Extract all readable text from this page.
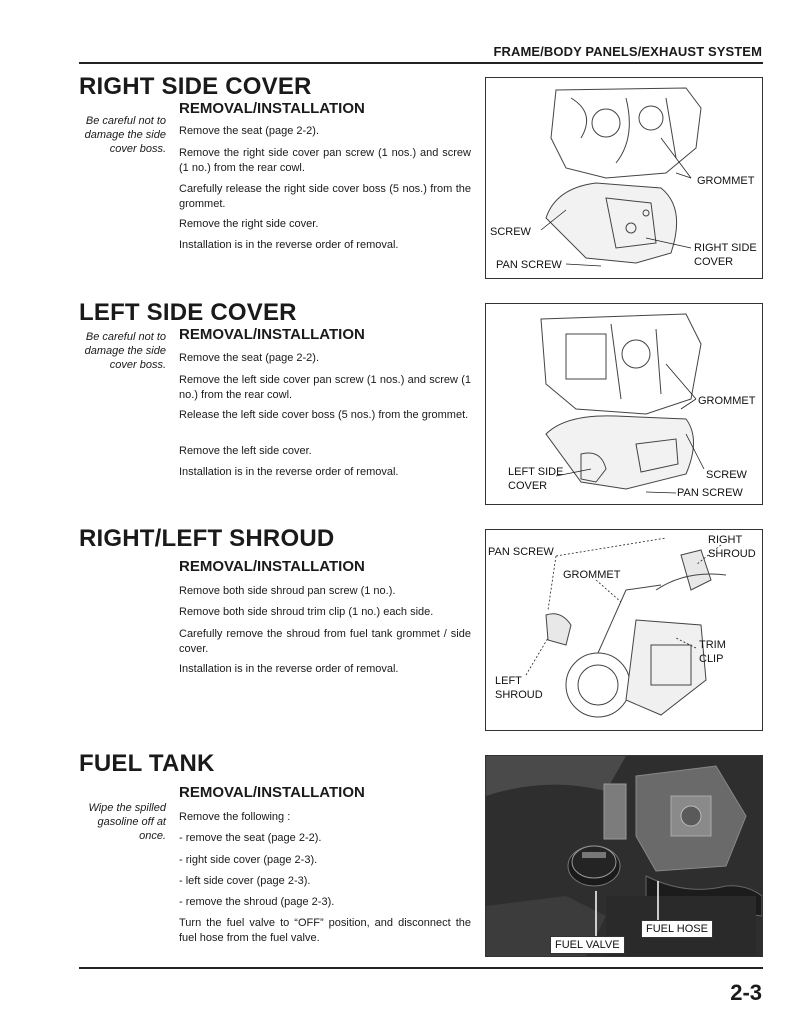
FRAME/BODY PANELS/EXHAUST SYSTEM
RIGHT SIDE COVER
Be careful not to damage the side cover boss.
REMOVAL/INSTALLATION
Remove the seat (page 2-2).
Remove the right side cover pan screw (1 nos.) and screw (1 no.) from the rear cowl.
Carefully release the right side cover boss (5 nos.) from the grommet.
Remove the right side cover.
Installation is in the reverse order of removal.
GROMMET
SCREW
RIGHT SIDE COVER
PAN SCREW
LEFT SIDE COVER
Be careful not to damage the side cover boss.
REMOVAL/INSTALLATION
Remove the seat (page 2-2).
Remove the left side cover pan screw (1 nos.) and screw (1 no.) from the rear cowl.
Release the left side cover boss (5 nos.) from the grommet.
Remove the left side cover.
Installation is in the reverse order of removal.
GROMMET
LEFT SIDE COVER
SCREW
PAN SCREW
RIGHT/LEFT SHROUD
REMOVAL/INSTALLATION
Remove both side shroud pan screw (1 no.).
Remove both side shroud trim clip (1 no.) each side.
Carefully remove the shroud from fuel tank grommet / side cover.
Installation is in the reverse order of removal.
PAN SCREW
RIGHT SHROUD
GROMMET
TRIM CLIP
LEFT SHROUD
FUEL TANK
Wipe the spilled gasoline off at once.
REMOVAL/INSTALLATION
Remove the following :
- remove the seat (page 2-2).
- right side cover (page 2-3).
- left side cover (page 2-3).
- remove the shroud (page 2-3).
Turn the fuel valve to “OFF” position, and disconnect the fuel hose from the fuel valve.
FUEL HOSE
FUEL VALVE
2-3
